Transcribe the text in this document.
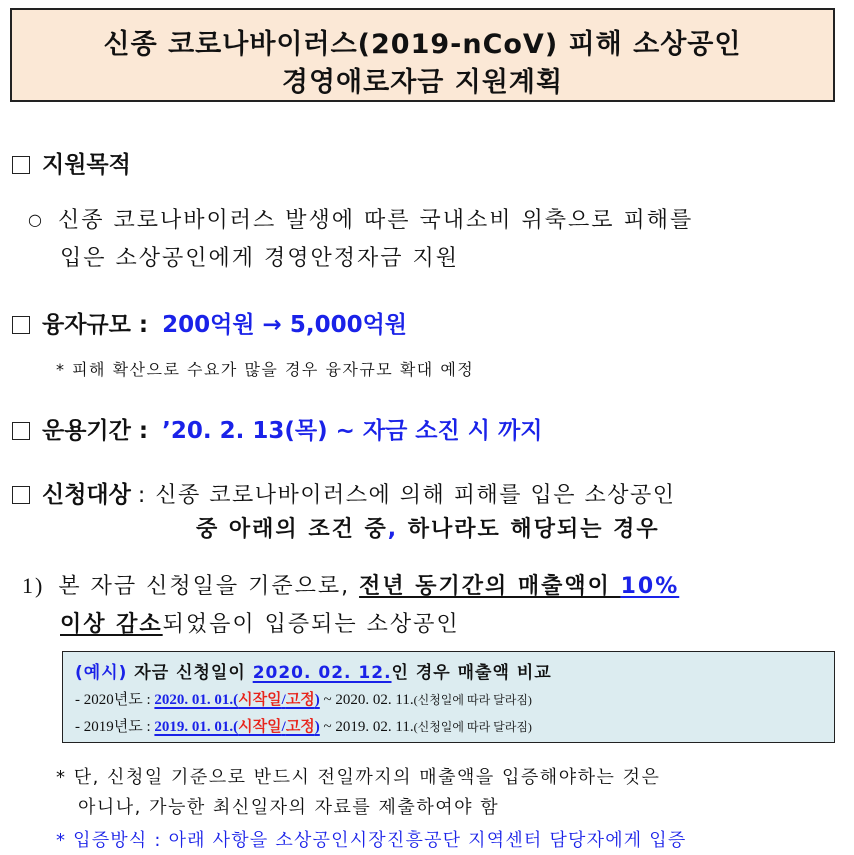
신종 코로나바이러스(2019-nCoV) 피해 소상공인
경영애로자금 지원계획
지원목적
○ 신종 코로나바이러스 발생에 따른 국내소비 위축으로 피해를
입은 소상공인에게 경영안정자금 지원
융자규모 : 200억원 → 5,000억원
* 피해 확산으로 수요가 많을 경우 융자규모 확대 예정
운용기간 : ’20. 2. 13(목) ~ 자금 소진 시 까지
신청대상 : 신종 코로나바이러스에 의해 피해를 입은 소상공인
중 아래의 조건 중, 하나라도 해당되는 경우
1) 본 자금 신청일을 기준으로, 전년 동기간의 매출액이 10%
이상 감소되었음이 입증되는 소상공인
(예시) 자금 신청일이 2020. 02. 12.인 경우 매출액 비교
- 2020년도 : 2020. 01. 01.(시작일/고정) ~ 2020. 02. 11.(신청일에 따라 달라짐)
- 2019년도 : 2019. 01. 01.(시작일/고정) ~ 2019. 02. 11.(신청일에 따라 달라짐)
* 단, 신청일 기준으로 반드시 전일까지의 매출액을 입증해야하는 것은
아니나, 가능한 최신일자의 자료를 제출하여야 함
* 입증방식 : 아래 사항을 소상공인시장진흥공단 지역센터 담당자에게 입증
